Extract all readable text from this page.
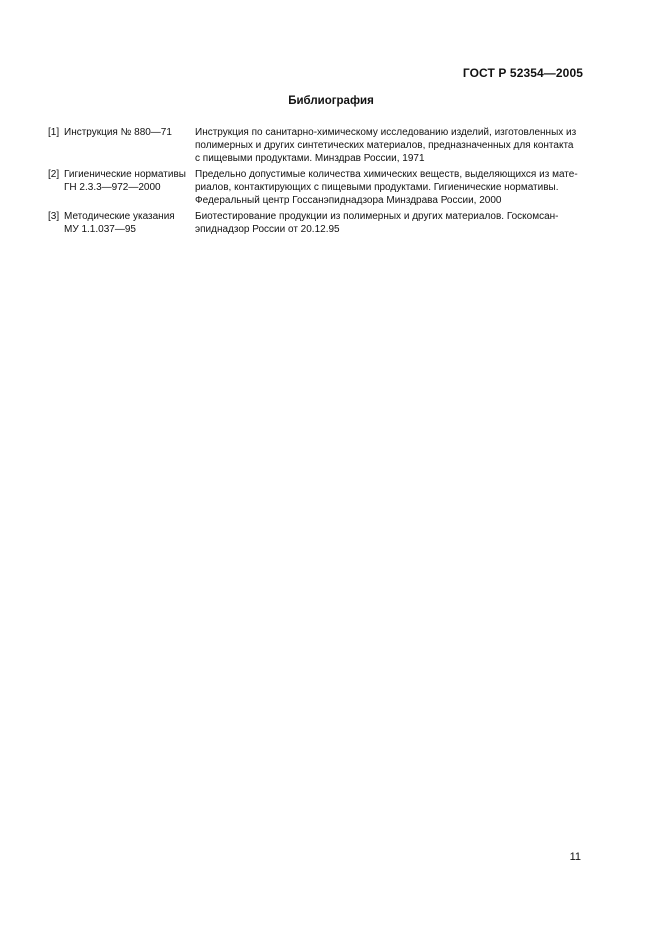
ГОСТ Р 52354—2005
Библиография
[1] Инструкция № 880—71	Инструкция по санитарно-химическому исследованию изделий, изготовленных из
полимерных и других синтетических материалов, предназначенных для контакта
с пищевыми продуктами. Минздрав России, 1971
[2] Гигиенические нормативы
ГН 2.3.3—972—2000
Предельно допустимые количества химических веществ, выделяющихся из мате-
риалов, контактирующих с пищевыми продуктами. Гигиенические нормативы.
Федеральный центр Госсанэпиднадзора Минздрава России, 2000
[3] Методические указания
МУ 1.1.037—95
Биотестирование продукции из полимерных и других материалов. Госкомсан-
эпиднадзор России от 20.12.95
11
